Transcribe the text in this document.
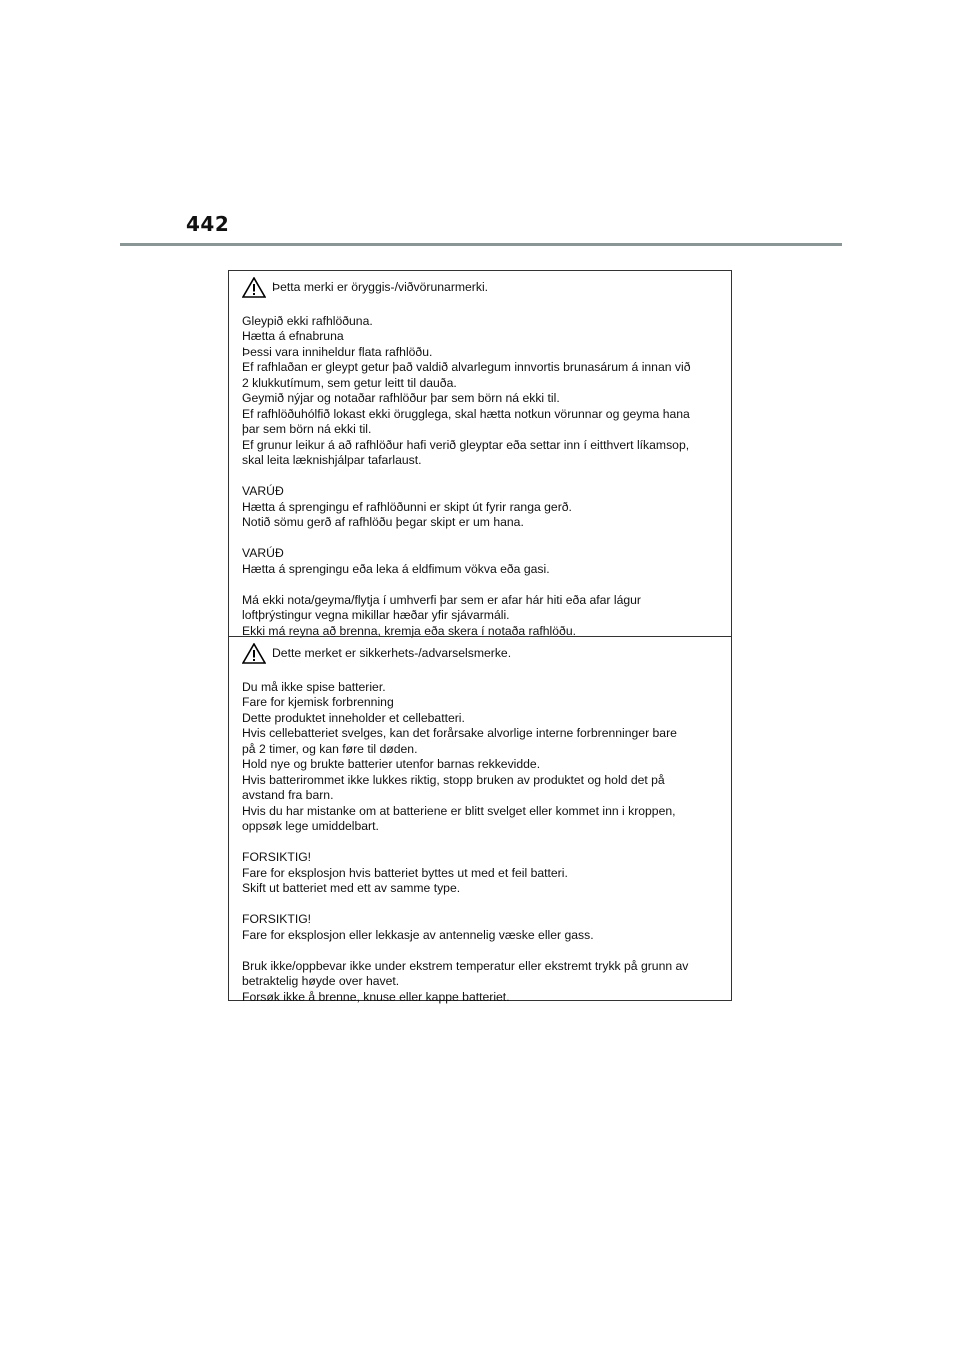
442

Þetta merki er öryggis-/viðvörunarmerki.

Gleypið ekki rafhlöðuna.

Hætta á efnabruna

Þessi vara inniheldur flata rafhlöðu.

Ef rafhlaðan er gleypt getur það valdið alvarlegum innvortis brunasárum á innan við

2 klukkutímum, sem getur leitt til dauða.

Geymið nýjar og notaðar rafhlöður þar sem börn ná ekki til.

Ef rafhlöðuhólfið lokast ekki örugglega, skal hætta notkun vörunnar og geyma hana

þar sem börn ná ekki til.

Ef grunur leikur á að rafhlöður hafi verið gleyptar eða settar inn í eitthvert líkamsop,

skal leita læknishjálpar tafarlaust.

VARÚÐ

Hætta á sprengingu ef rafhlöðunni er skipt út fyrir ranga gerð.

Notið sömu gerð af rafhlöðu þegar skipt er um hana.

VARÚÐ

Hætta á sprengingu eða leka á eldfimum vökva eða gasi.

Má ekki nota/geyma/flytja í umhverfi þar sem er afar hár hiti eða afar lágur

loftþrýstingur vegna mikillar hæðar yfir sjávarmáli.

Ekki má reyna að brenna, kremja eða skera í notaða rafhlöðu.

Dette merket er sikkerhets-/advarselsmerke.

Du må ikke spise batterier.

Fare for kjemisk forbrenning

Dette produktet inneholder et cellebatteri.

Hvis cellebatteriet svelges, kan det forårsake alvorlige interne forbrenninger bare

på 2 timer, og kan føre til døden.

Hold nye og brukte batterier utenfor barnas rekkevidde.

Hvis batterirommet ikke lukkes riktig, stopp bruken av produktet og hold det på

avstand fra barn.

Hvis du har mistanke om at batteriene er blitt svelget eller kommet inn i kroppen,

oppsøk lege umiddelbart.

FORSIKTIG!

Fare for eksplosjon hvis batteriet byttes ut med et feil batteri.

Skift ut batteriet med ett av samme type.

FORSIKTIG!

Fare for eksplosjon eller lekkasje av antennelig væske eller gass.

Bruk ikke/oppbevar ikke under ekstrem temperatur eller ekstremt trykk på grunn av

betraktelig høyde over havet.

Forsøk ikke å brenne, knuse eller kappe batteriet.
